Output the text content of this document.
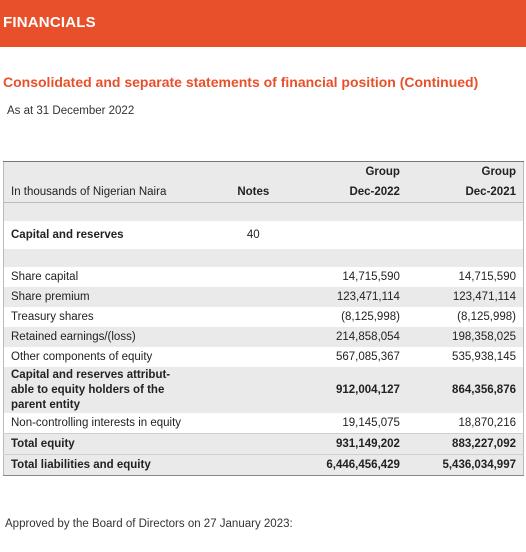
FINANCIALS
Consolidated and separate statements of financial position (Continued)
As at 31 December 2022
		Group	Group
In thousands of Nigerian Naira	Notes	Dec-2022	Dec-2021

Capital and reserves	40		

Share capital		14,715,590	14,715,590
Share premium		123,471,114	123,471,114
Treasury shares		(8,125,998)	(8,125,998)
Retained earnings/(loss)		214,858,054	198,358,025
Other components of equity		567,085,367	535,938,145
Capital and reserves attribut-
able to equity holders of the
parent entity		912,004,127	864,356,876
Non-controlling interests in equity		19,145,075	18,870,216
Total equity		931,149,202	883,227,092
Total liabilities and equity		6,446,456,429	5,436,034,997
Approved by the Board of Directors on 27 January 2023:
